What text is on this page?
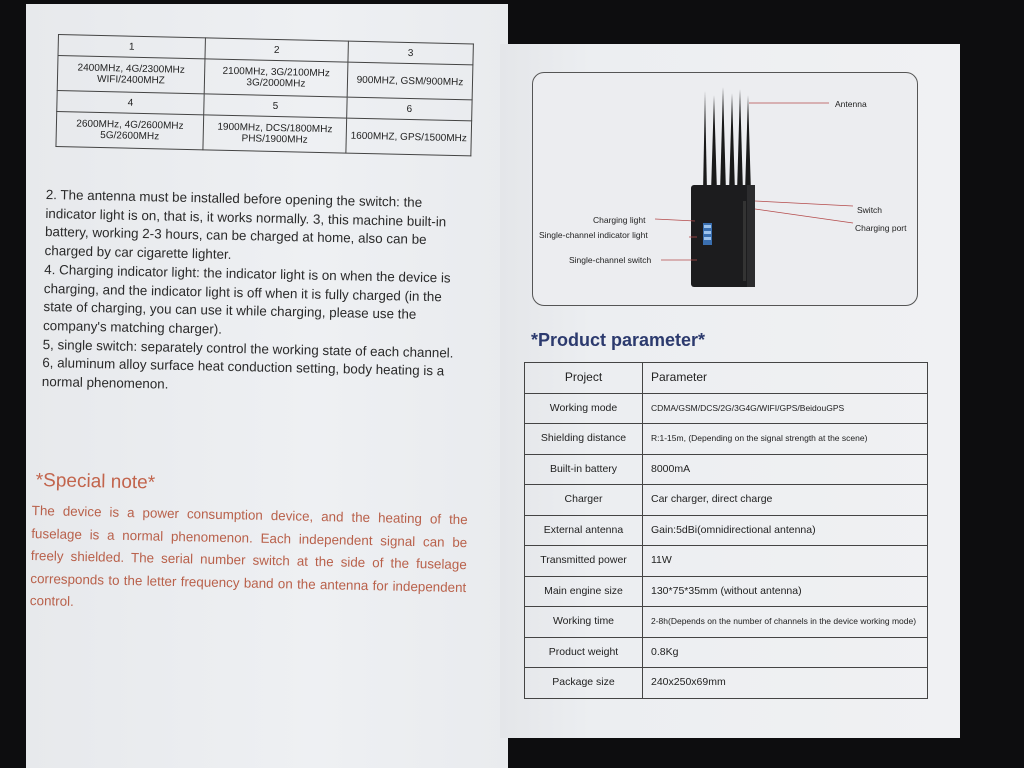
1	2	3
2400MHz, 4G/2300MHz WIFI/2400MHZ	2100MHz, 3G/2100MHz 3G/2000MHz	900MHZ, GSM/900MHz
4	5	6
2600MHz, 4G/2600MHz 5G/2600MHz	1900MHz, DCS/1800MHz PHS/1900MHz	1600MHZ, GPS/1500MHz

2. The antenna must be installed before opening the switch: the indicator light is on, that is, it works normally. 3, this machine built-in battery, working 2-3 hours, can be charged at home, also can be charged by car cigarette lighter.

4. Charging indicator light: the indicator light is on when the device is charging, and the indicator light is off when it is fully charged (in the state of charging, you can use it while charging, please use the company's matching charger).

5, single switch: separately control the working state of each channel.

6, aluminum alloy surface heat conduction setting, body heating is a normal phenomenon.

*Special note*
The device is a power consumption device, and the heating of the fuselage is a normal phenomenon. Each independent signal can be freely shielded. The serial number switch at the side of the fuselage corresponds to the letter frequency band on the antenna for independent control.
Antenna
Switch
Charging port
Charging light
Single-channel indicator light
Single-channel switch
*Product parameter*
Project	Parameter
Working mode	CDMA/GSM/DCS/2G/3G4G/WIFI/GPS/BeidouGPS
Shielding distance	R:1-15m, (Depending on the signal strength at the scene)
Built-in battery	8000mA
Charger	Car charger, direct charge
External antenna	Gain:5dBi(omnidirectional antenna)
Transmitted power	11W
Main engine size	130*75*35mm (without antenna)
Working time	2-8h(Depends on the number of channels in the device working mode)
Product weight	0.8Kg
Package size	240x250x69mm
